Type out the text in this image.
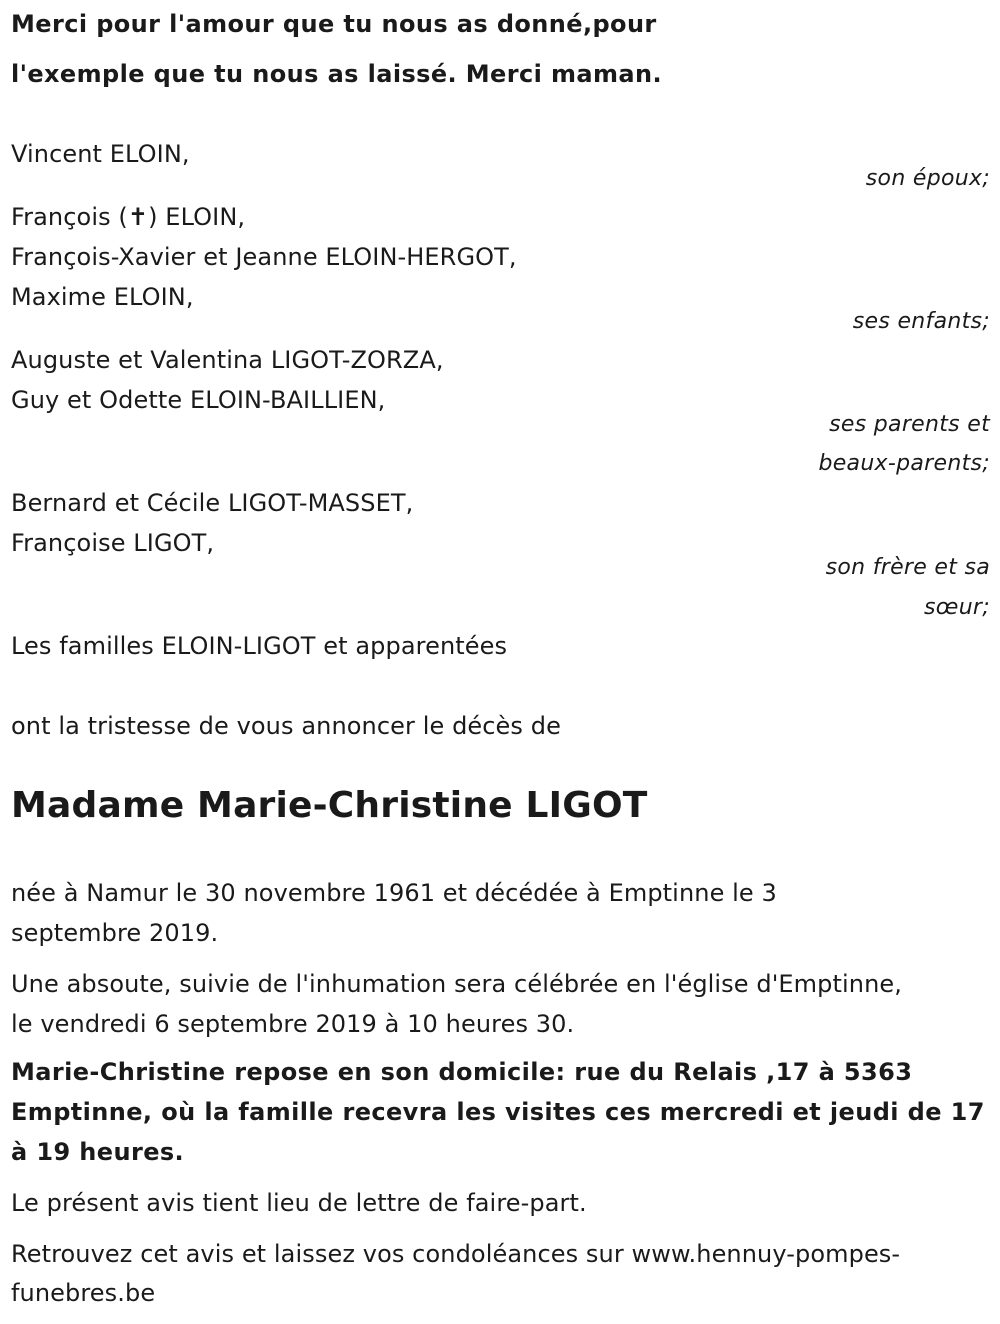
Merci pour l'amour que tu nous as donné,pour

l'exemple que tu nous as laissé. Merci maman.

Vincent ELOIN,

son époux;

François (✝) ELOIN,

François-Xavier et Jeanne ELOIN-HERGOT,

Maxime ELOIN,

ses enfants;

Auguste et Valentina LIGOT-ZORZA,

Guy et Odette ELOIN-BAILLIEN,

ses parents et

beaux-parents;

Bernard et Cécile LIGOT-MASSET,

Françoise LIGOT,

son frère et sa

sœur;

Les familles ELOIN-LIGOT et apparentées

ont la tristesse de vous annoncer le décès de

Madame Marie-Christine LIGOT

née à Namur le 30 novembre 1961 et décédée à Emptinne le 3

septembre 2019.

Une absoute, suivie de l'inhumation sera célébrée en l'église d'Emptinne,

le vendredi 6 septembre 2019 à 10 heures 30.

Marie-Christine repose en son domicile: rue du Relais ,17 à 5363

Emptinne, où la famille recevra les visites ces mercredi et jeudi de 17

à 19 heures.

Le présent avis tient lieu de lettre de faire-part.

Retrouvez cet avis et laissez vos condoléances sur www.hennuy-pompes-

funebres.be
